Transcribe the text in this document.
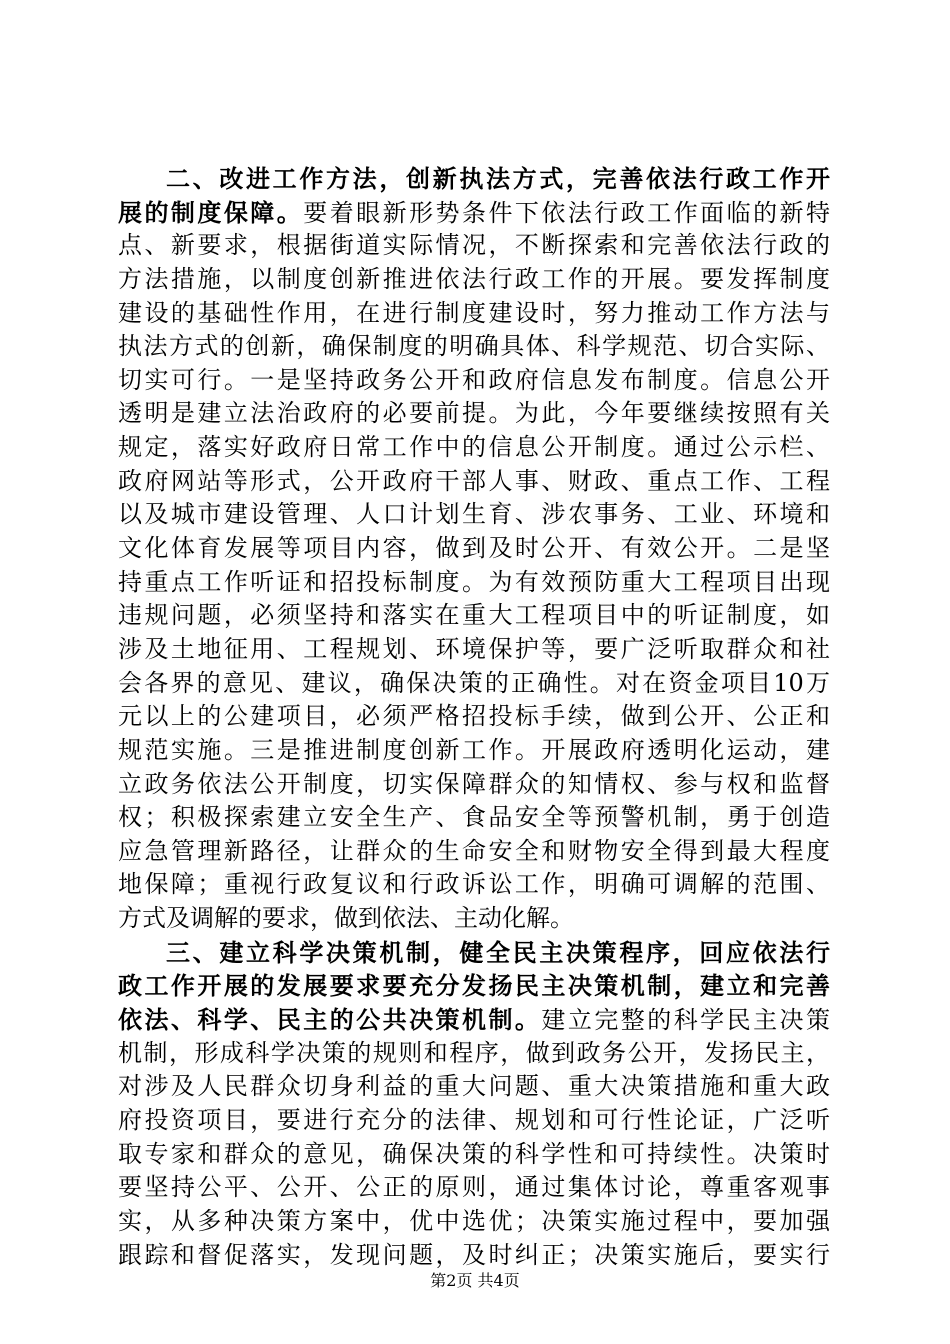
二、改进工作方法，创新执法方式，完善依法行政工作开
展的制度保障。要着眼新形势条件下依法行政工作面临的新特
点、新要求，根据街道实际情况，不断探索和完善依法行政的
方法措施，以制度创新推进依法行政工作的开展。要发挥制度
建设的基础性作用，在进行制度建设时，努力推动工作方法与
执法方式的创新，确保制度的明确具体、科学规范、切合实际、
切实可行。一是坚持政务公开和政府信息发布制度。信息公开
透明是建立法治政府的必要前提。为此，今年要继续按照有关
规定，落实好政府日常工作中的信息公开制度。通过公示栏、
政府网站等形式，公开政府干部人事、财政、重点工作、工程
以及城市建设管理、人口计划生育、涉农事务、工业、环境和
文化体育发展等项目内容，做到及时公开、有效公开。二是坚
持重点工作听证和招投标制度。为有效预防重大工程项目出现
违规问题，必须坚持和落实在重大工程项目中的听证制度，如
涉及土地征用、工程规划、环境保护等，要广泛听取群众和社
会各界的意见、建议，确保决策的正确性。对在资金项目10万
元以上的公建项目，必须严格招投标手续，做到公开、公正和
规范实施。三是推进制度创新工作。开展政府透明化运动，建
立政务依法公开制度，切实保障群众的知情权、参与权和监督
权；积极探索建立安全生产、食品安全等预警机制，勇于创造
应急管理新路径，让群众的生命安全和财物安全得到最大程度
地保障；重视行政复议和行政诉讼工作，明确可调解的范围、
方式及调解的要求，做到依法、主动化解。
三、建立科学决策机制，健全民主决策程序，回应依法行
政工作开展的发展要求要充分发扬民主决策机制，建立和完善
依法、科学、民主的公共决策机制。建立完整的科学民主决策
机制，形成科学决策的规则和程序，做到政务公开，发扬民主，
对涉及人民群众切身利益的重大问题、重大决策措施和重大政
府投资项目，要进行充分的法律、规划和可行性论证，广泛听
取专家和群众的意见，确保决策的科学性和可持续性。决策时
要坚持公平、公开、公正的原则，通过集体讨论，尊重客观事
实，从多种决策方案中，优中选优；决策实施过程中，要加强
跟踪和督促落实，发现问题，及时纠正；决策实施后，要实行
第2页 共4页
